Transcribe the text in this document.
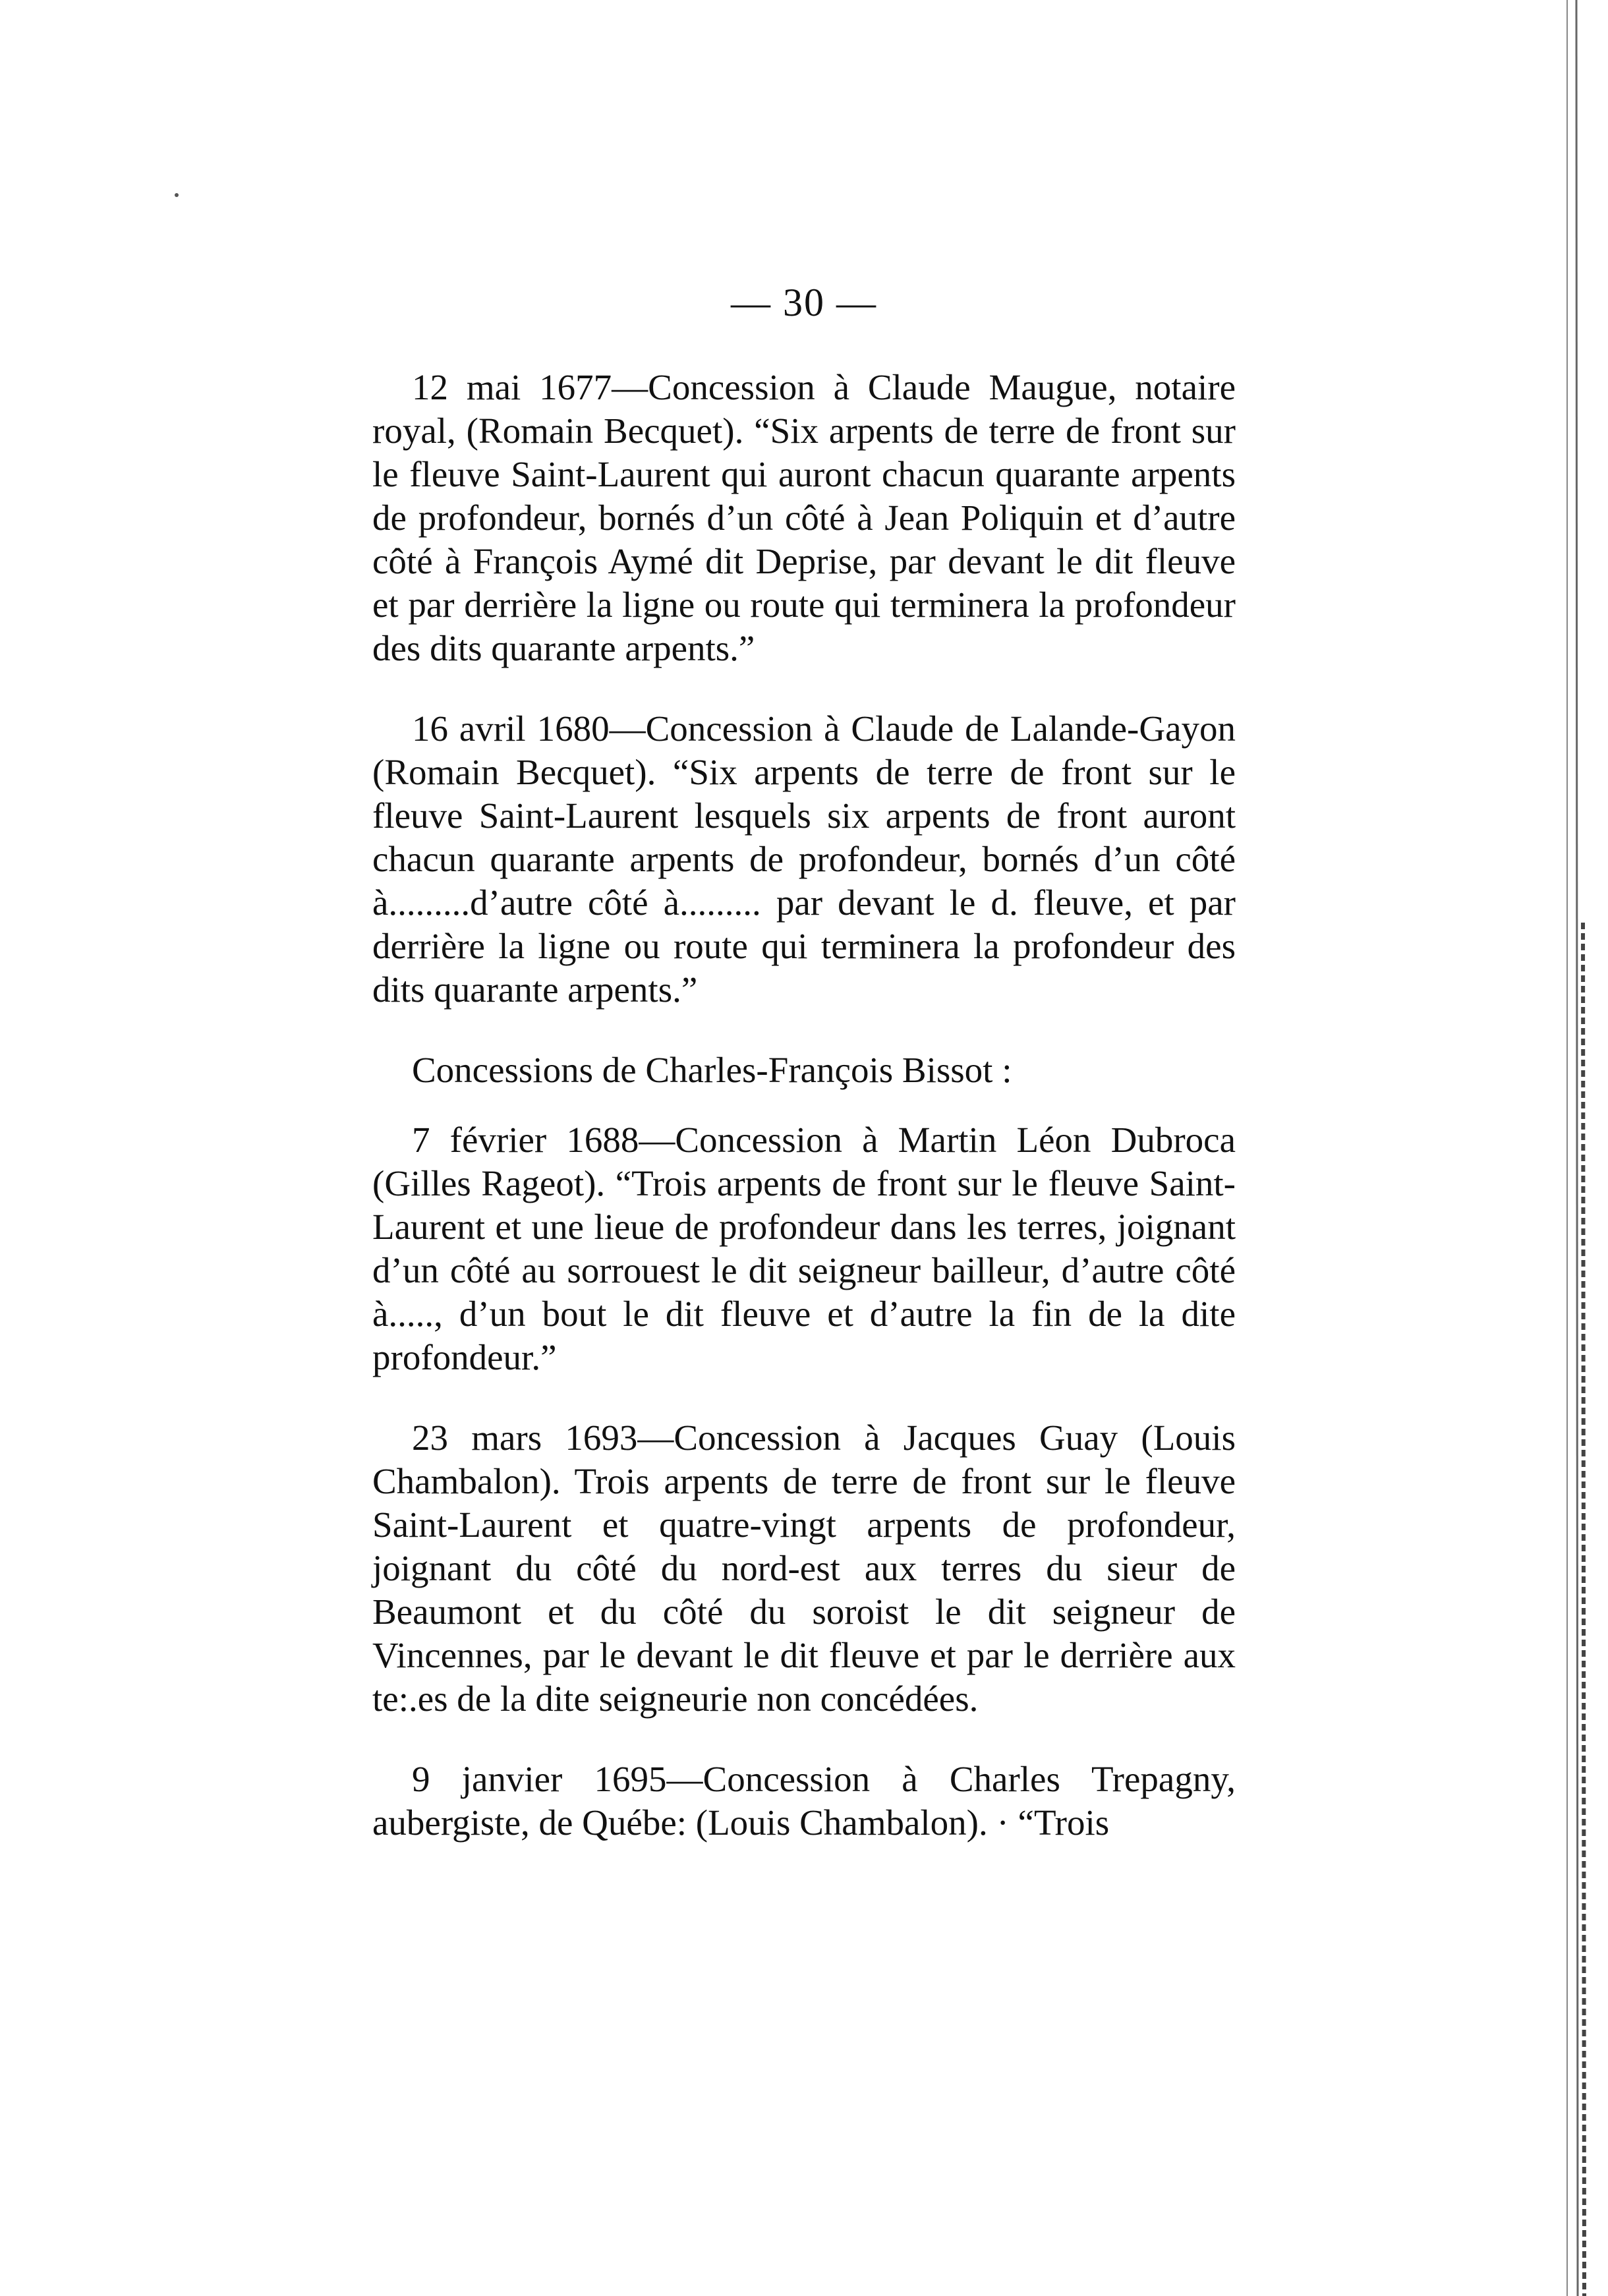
— 30 —

12 mai 1677—Concession à Claude Maugue, notaire royal, (Romain Becquet). “Six arpents de terre de front sur le fleuve Saint-Laurent qui auront chacun quarante arpents de profondeur, bornés d’un côté à Jean Poliquin et d’autre côté à François Aymé dit Deprise, par devant le dit fleuve et par derrière la ligne ou route qui terminera la profondeur des dits quarante arpents.”

16 avril 1680—Concession à Claude de Lalande-Gayon (Romain Becquet). “Six arpents de terre de front sur le fleuve Saint-Laurent lesquels six arpents de front auront chacun quarante arpents de profondeur, bornés d’un côté à.........d’autre côté à......... par devant le d. fleuve, et par derrière la ligne ou route qui terminera la profondeur des dits quarante arpents.”

Concessions de Charles-François Bissot :

7 février 1688—Concession à Martin Léon Dubroca (Gilles Rageot). “Trois arpents de front sur le fleuve Saint-Laurent et une lieue de profondeur dans les terres, joignant d’un côté au sorrouest le dit seigneur bailleur, d’autre côté à....., d’un bout le dit fleuve et d’autre la fin de la dite profondeur.”

23 mars 1693—Concession à Jacques Guay (Louis Chambalon). Trois arpents de terre de front sur le fleuve Saint-Laurent et quatre-vingt arpents de profondeur, joignant du côté du nord-est aux terres du sieur de Beaumont et du côté du soroist le dit seigneur de Vincennes, par le devant le dit fleuve et par le derrière aux te:.es de la dite seigneurie non concédées.

9 janvier 1695—Concession à Charles Trepagny, aubergiste, de Québe: (Louis Chambalon). · “Trois
